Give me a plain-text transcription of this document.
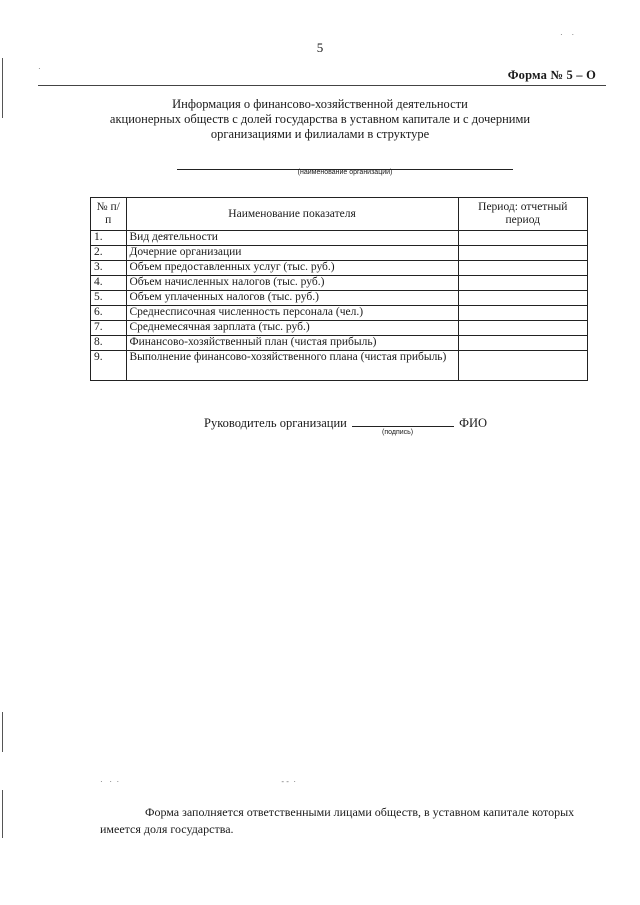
·    ·
·
·   ·  ·                                                                         ‑ ‑  ·
5
Форма № 5 – О
Информация о финансово-хозяйственной деятельности
акционерных обществ с долей государства в уставном капитале и с дочерними
организациями и филиалами в структуре
(наименование организации)
№ п/п	Наименование показателя	Период: отчетный период
1.	Вид деятельности	
2.	Дочерние организации	
3.	Объем предоставленных услуг (тыс. руб.)	
4.	Объем начисленных налогов (тыс. руб.)	
5.	Объем уплаченных налогов (тыс. руб.)	
6.	Среднесписочная численность персонала (чел.)	
7.	Среднемесячная зарплата (тыс. руб.)	
8.	Финансово-хозяйственный план (чистая прибыль)	
9.	Выполнение финансово-хозяйственного плана (чистая прибыль)	
Руководитель организации	ФИО
(подпись)
Форма заполняется ответственными лицами обществ, в уставном капитале которых имеется доля государства.
